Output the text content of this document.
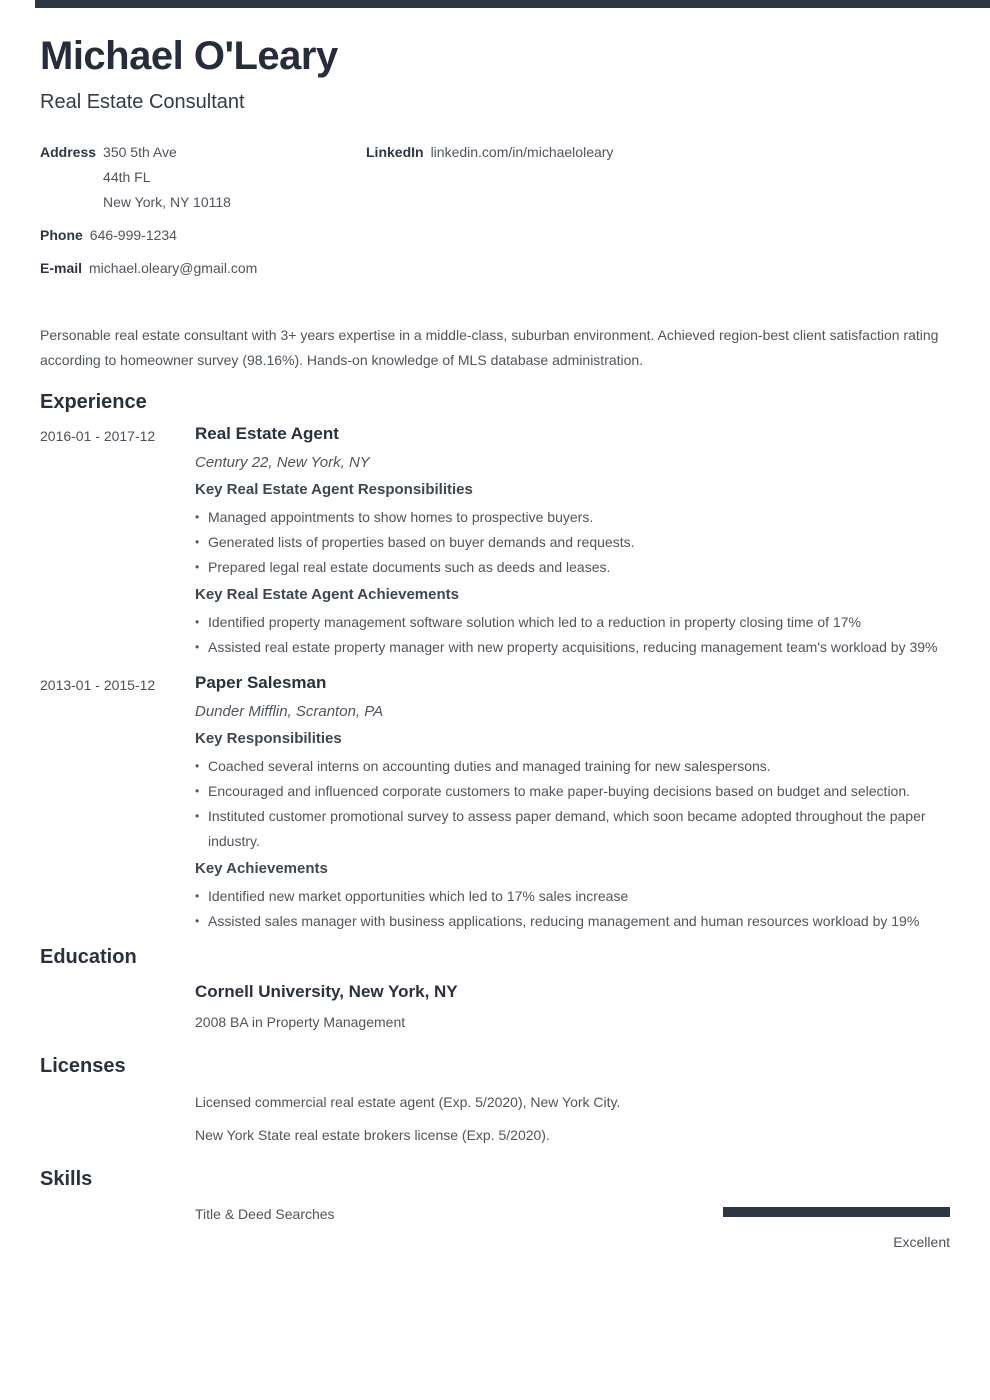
Michael O'Leary
Real Estate Consultant
Address 350 5th Ave
44th FL
New York, NY 10118
Phone 646-999-1234
E-mail michael.oleary@gmail.com
LinkedIn linkedin.com/in/michaeloleary
Personable real estate consultant with 3+ years expertise in a middle-class, suburban environment. Achieved region-best client satisfaction rating according to homeowner survey (98.16%). Hands-on knowledge of MLS database administration.
Experience
2016-01 - 2017-12	Real Estate Agent
Century 22, New York, NY
Key Real Estate Agent Responsibilities
• Managed appointments to show homes to prospective buyers.
• Generated lists of properties based on buyer demands and requests.
• Prepared legal real estate documents such as deeds and leases.
Key Real Estate Agent Achievements
• Identified property management software solution which led to a reduction in property closing time of 17%
• Assisted real estate property manager with new property acquisitions, reducing management team's workload by 39%
2013-01 - 2015-12	Paper Salesman
Dunder Mifflin, Scranton, PA
Key Responsibilities
• Coached several interns on accounting duties and managed training for new salespersons.
• Encouraged and influenced corporate customers to make paper-buying decisions based on budget and selection.
• Instituted customer promotional survey to assess paper demand, which soon became adopted throughout the paper industry.
Key Achievements
• Identified new market opportunities which led to 17% sales increase
• Assisted sales manager with business applications, reducing management and human resources workload by 19%
Education
Cornell University, New York, NY
2008 BA in Property Management
Licenses
Licensed commercial real estate agent (Exp. 5/2020), New York City.
New York State real estate brokers license (Exp. 5/2020).
Skills
Title & Deed Searches
Excellent
